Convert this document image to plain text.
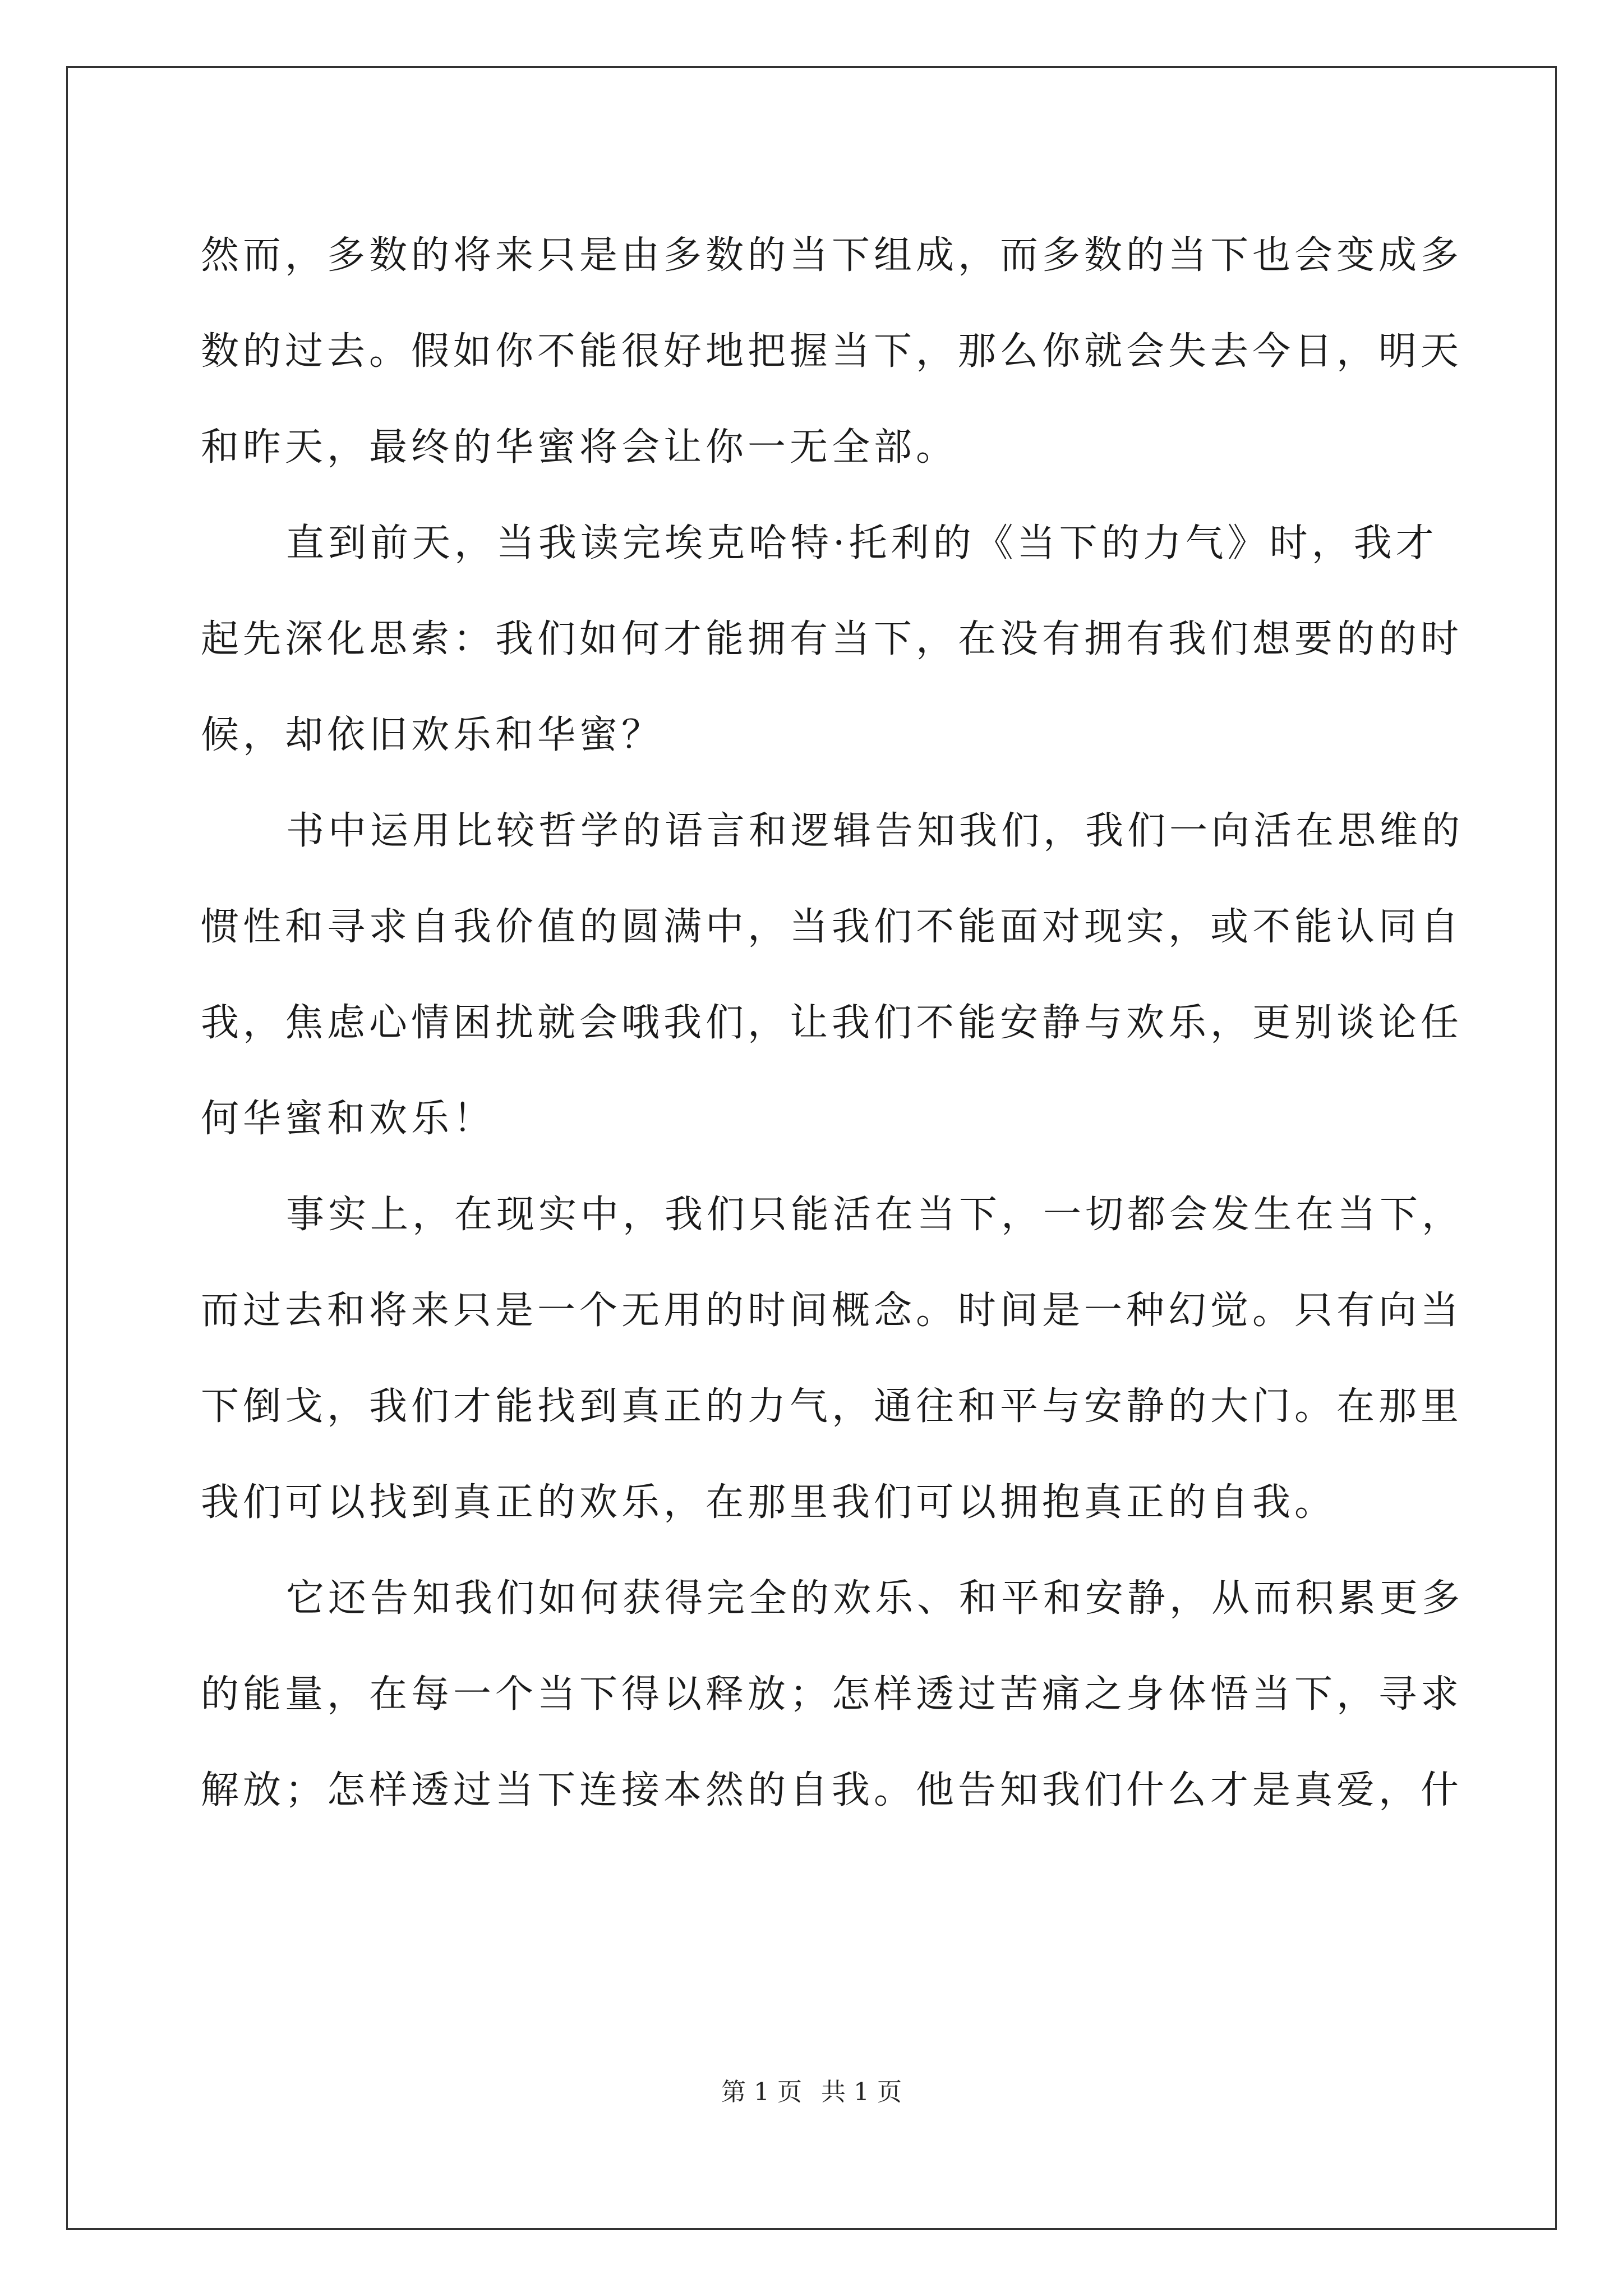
然而，多数的将来只是由多数的当下组成，而多数的当下也会变成多
数的过去。假如你不能很好地把握当下，那么你就会失去今日，明天
和昨天，最终的华蜜将会让你一无全部。
直到前天，当我读完埃克哈特·托利的《当下的力气》时，我才
起先深化思索：我们如何才能拥有当下，在没有拥有我们想要的的时
候，却依旧欢乐和华蜜？
书中运用比较哲学的语言和逻辑告知我们，我们一向活在思维的
惯性和寻求自我价值的圆满中，当我们不能面对现实，或不能认同自
我，焦虑心情困扰就会哦我们，让我们不能安静与欢乐，更别谈论任
何华蜜和欢乐！
事实上，在现实中，我们只能活在当下，一切都会发生在当下，
而过去和将来只是一个无用的时间概念。时间是一种幻觉。只有向当
下倒戈，我们才能找到真正的力气，通往和平与安静的大门。在那里
我们可以找到真正的欢乐，在那里我们可以拥抱真正的自我。
它还告知我们如何获得完全的欢乐、和平和安静，从而积累更多
的能量，在每一个当下得以释放；怎样透过苦痛之身体悟当下，寻求
解放；怎样透过当下连接本然的自我。他告知我们什么才是真爱，什
第 1 页 共 1 页
